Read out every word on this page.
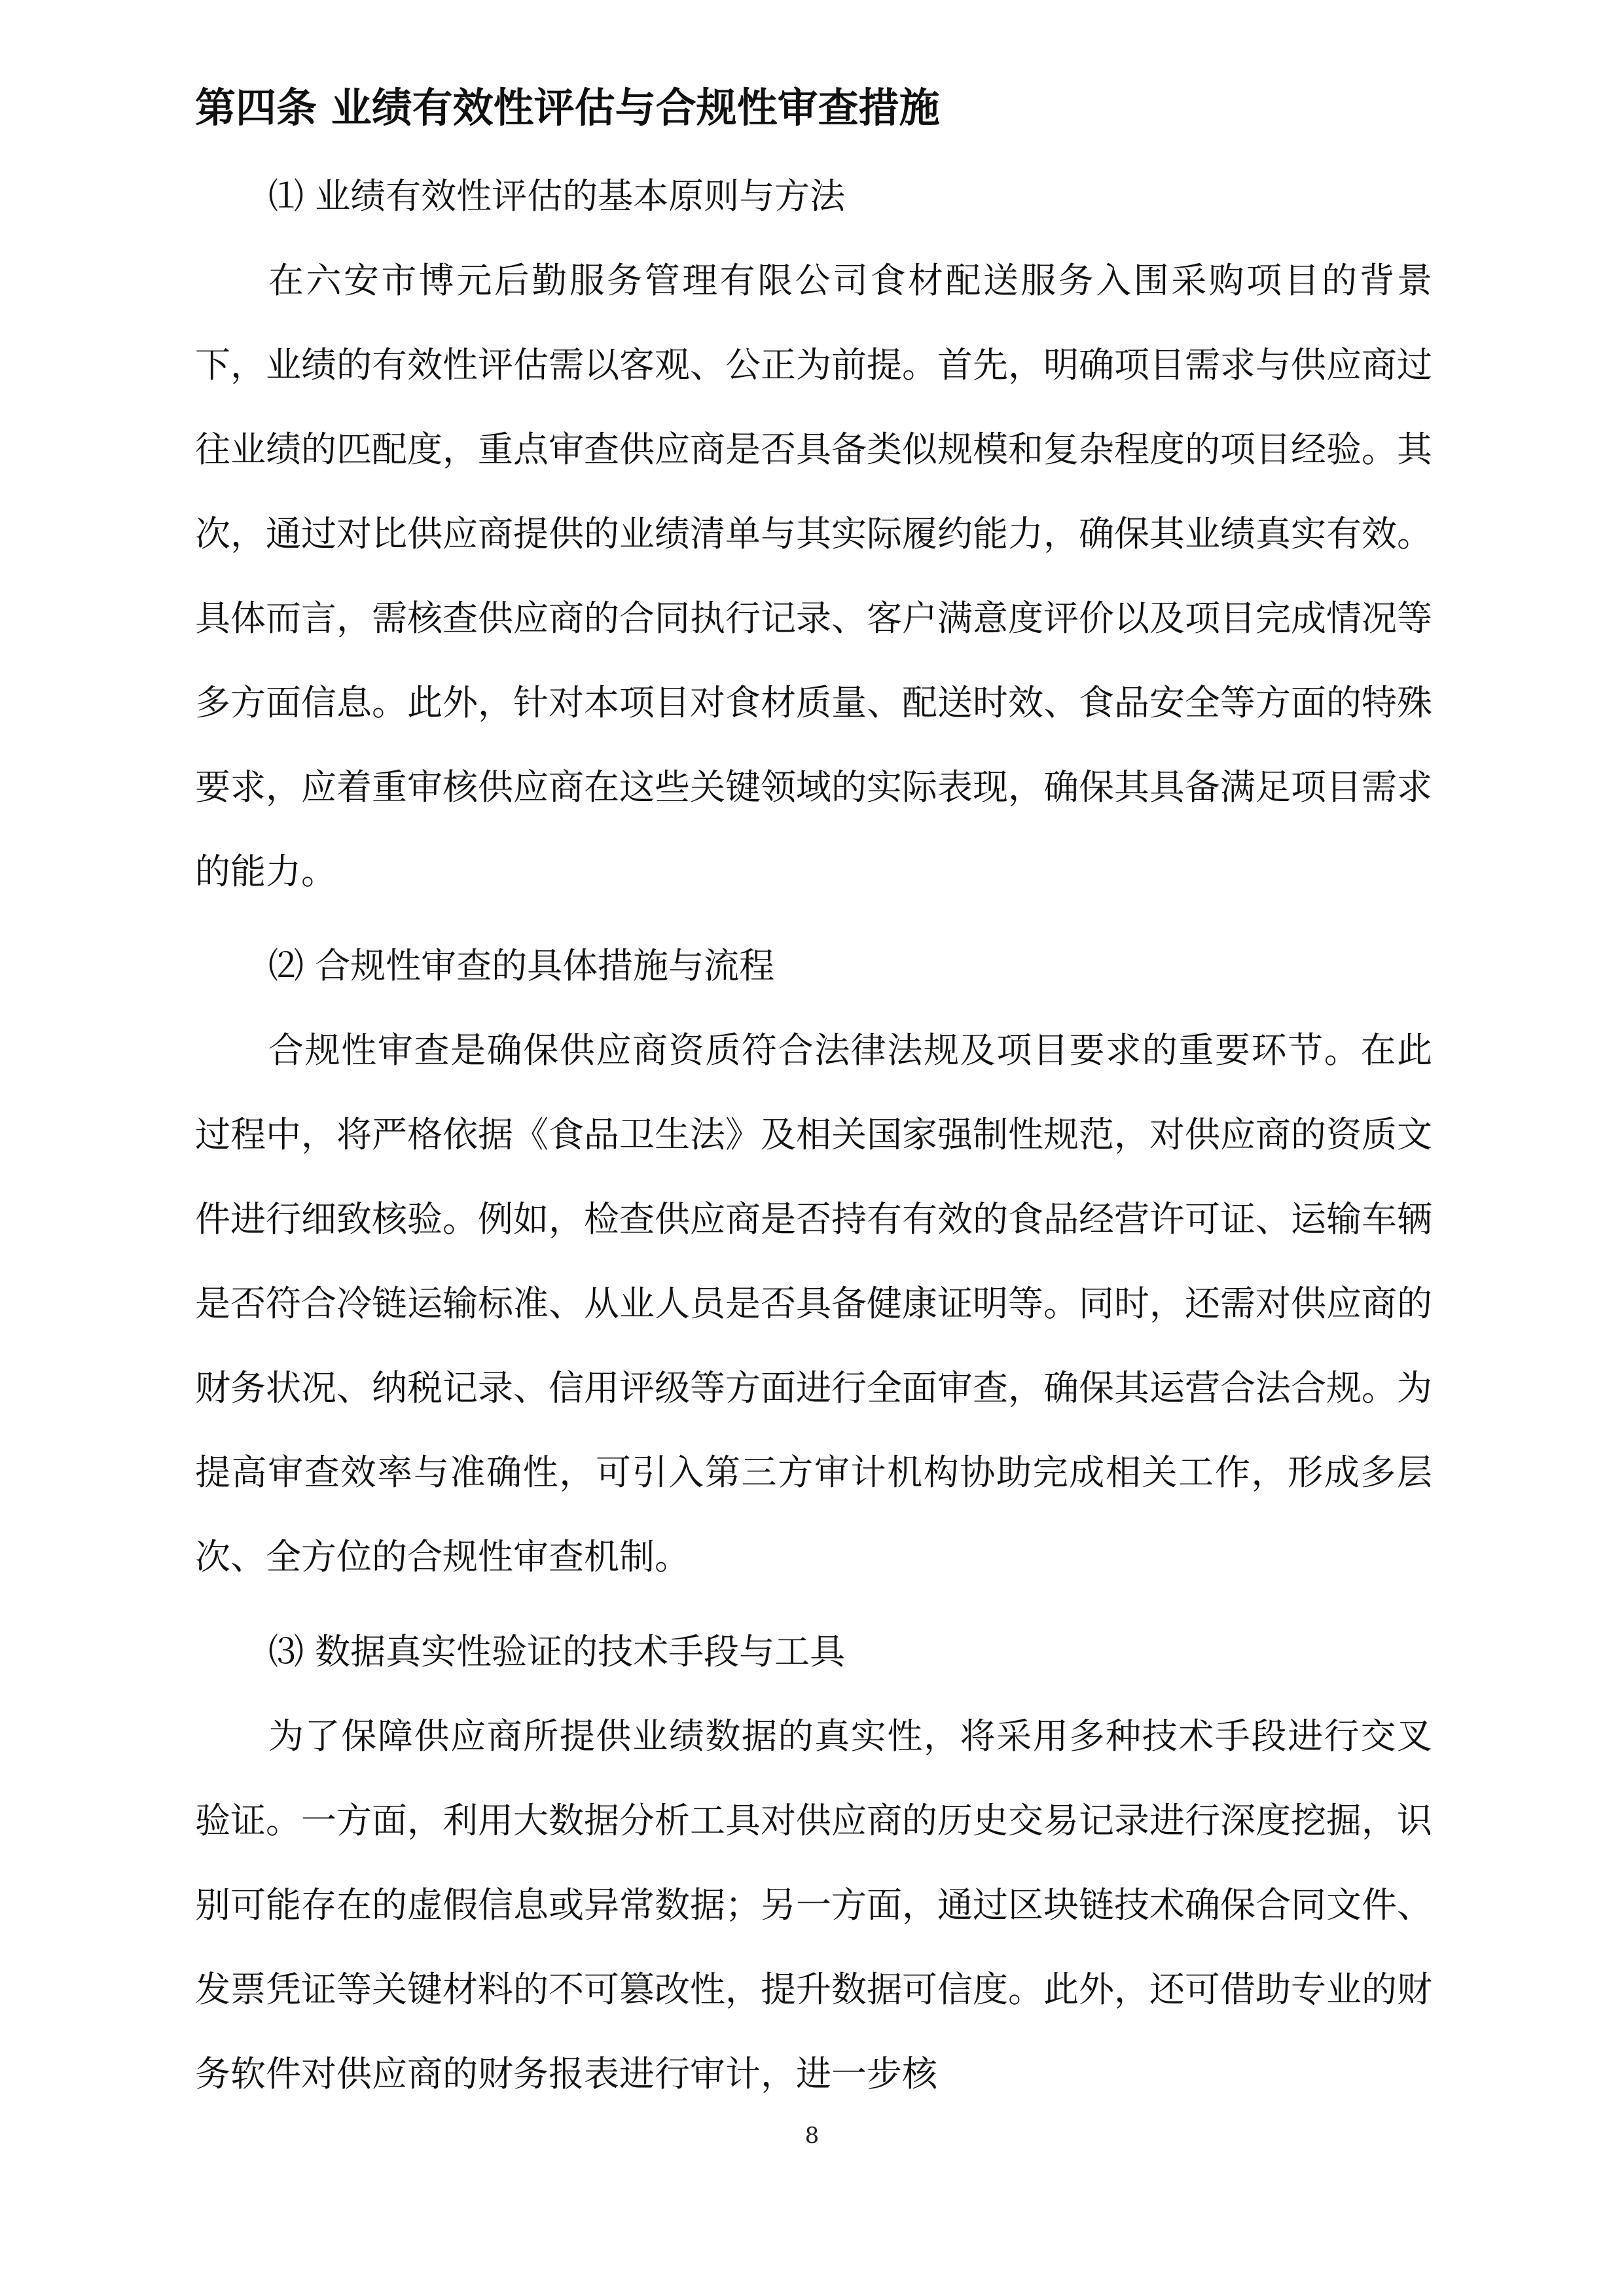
第四条 业绩有效性评估与合规性审查措施

⑴ 业绩有效性评估的基本原则与方法

在六安市博元后勤服务管理有限公司食材配送服务入围采购项目的背景下，业绩的有效性评估需以客观、公正为前提。首先，明确项目需求与供应商过往业绩的匹配度，重点审查供应商是否具备类似规模和复杂程度的项目经验。其次，通过对比供应商提供的业绩清单与其实际履约能力，确保其业绩真实有效。具体而言，需核查供应商的合同执行记录、客户满意度评价以及项目完成情况等多方面信息。此外，针对本项目对食材质量、配送时效、食品安全等方面的特殊要求，应着重审核供应商在这些关键领域的实际表现，确保其具备满足项目需求的能力。

⑵ 合规性审查的具体措施与流程

合规性审查是确保供应商资质符合法律法规及项目要求的重要环节。在此过程中，将严格依据《食品卫生法》及相关国家强制性规范，对供应商的资质文件进行细致核验。例如，检查供应商是否持有有效的食品经营许可证、运输车辆是否符合冷链运输标准、从业人员是否具备健康证明等。同时，还需对供应商的财务状况、纳税记录、信用评级等方面进行全面审查，确保其运营合法合规。为提高审查效率与准确性，可引入第三方审计机构协助完成相关工作，形成多层次、全方位的合规性审查机制。

⑶ 数据真实性验证的技术手段与工具

为了保障供应商所提供业绩数据的真实性，将采用多种技术手段进行交叉验证。一方面，利用大数据分析工具对供应商的历史交易记录进行深度挖掘，识别可能存在的虚假信息或异常数据；另一方面，通过区块链技术确保合同文件、发票凭证等关键材料的不可篡改性，提升数据可信度。此外，还可借助专业的财务软件对供应商的财务报表进行审计，进一步核

8
